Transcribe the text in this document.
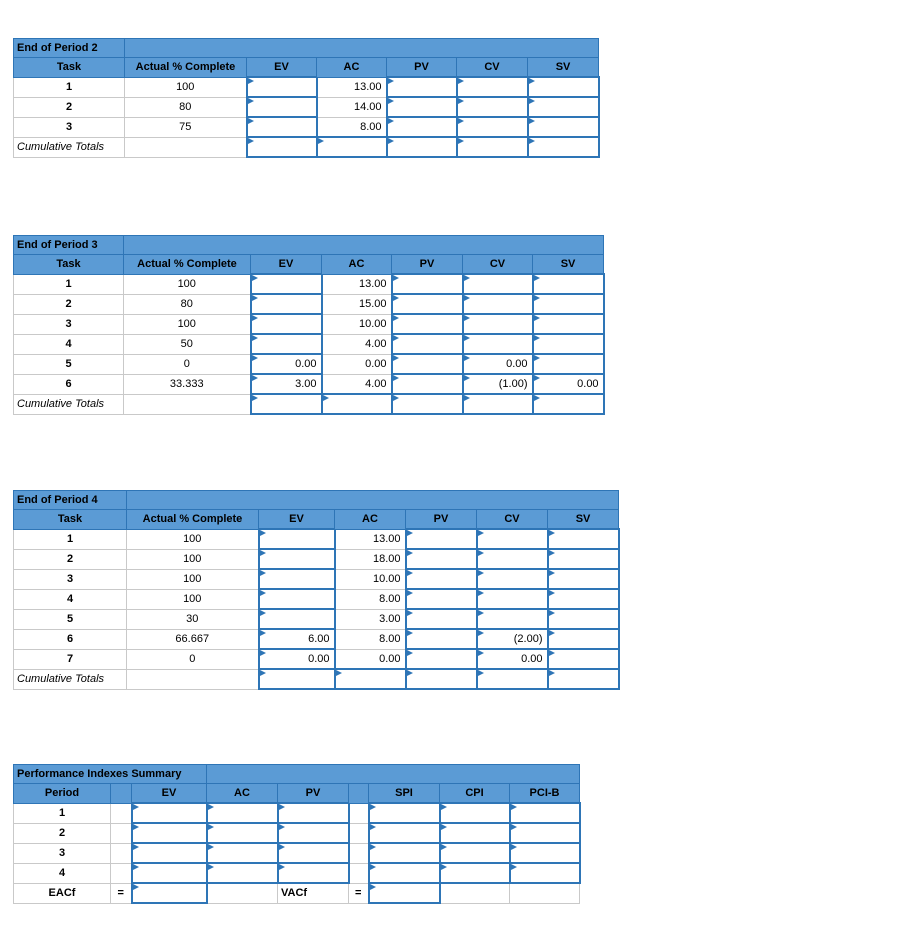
End of Period 2						
Task	Actual % Complete	EV	AC	PV	CV	SV
1	100		13.00

2	80		14.00

3	75		8.00

Cumulative Totals						
End of Period 3						
Task	Actual % Complete	EV	AC	PV	CV	SV
1	100		13.00

2	80		15.00

3	100		10.00

4	50		4.00

5	0	0.00	0.00		0.00	

6	33.333	3.00	4.00		(1.00)	0.00

Cumulative Totals						
End of Period 4						
Task	Actual % Complete	EV	AC	PV	CV	SV
1	100		13.00

2	100		18.00

3	100		10.00

4	100		8.00

5	30		3.00

6	66.667	6.00	8.00		(2.00)	

7	0	0.00	0.00		0.00	

Cumulative Totals						
Performance Indexes Summary								
Period		EV	AC	PV		SPI	CPI	PCI-B
1								
2								
3								
4								
EACf	=			VACf	=			
